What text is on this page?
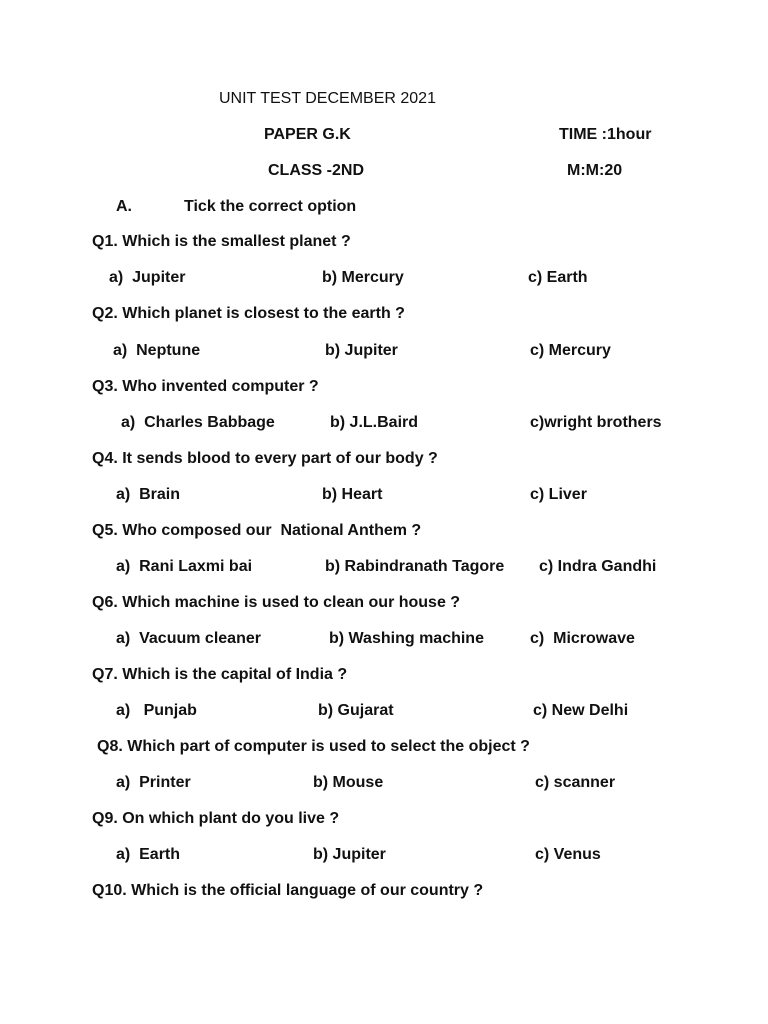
UNIT TEST DECEMBER 2021
PAPER G.K	TIME :1hour
CLASS -2ND	M:M:20
A.	Tick the correct option
Q1. Which is the smallest planet ?
a)  Jupiter	b) Mercury	c) Earth
Q2. Which planet is closest to the earth ?
a)  Neptune	b) Jupiter	c) Mercury
Q3. Who invented computer ?
a)  Charles Babbage	b) J.L.Baird	c)wright brothers
Q4. It sends blood to every part of our body ?
a)  Brain	b) Heart	c) Liver
Q5. Who composed our  National Anthem ?
a)  Rani Laxmi bai	b) Rabindranath Tagore c) Indra Gandhi
Q6. Which machine is used to clean our house ?
a)  Vacuum cleaner	b) Washing machine	c)  Microwave
Q7. Which is the capital of India ?
a)   Punjab	b) Gujarat	c) New Delhi
Q8. Which part of computer is used to select the object ?
a)  Printer	b) Mouse	c) scanner
Q9. On which plant do you live ?
a)  Earth	b) Jupiter	c) Venus
Q10. Which is the official language of our country ?
